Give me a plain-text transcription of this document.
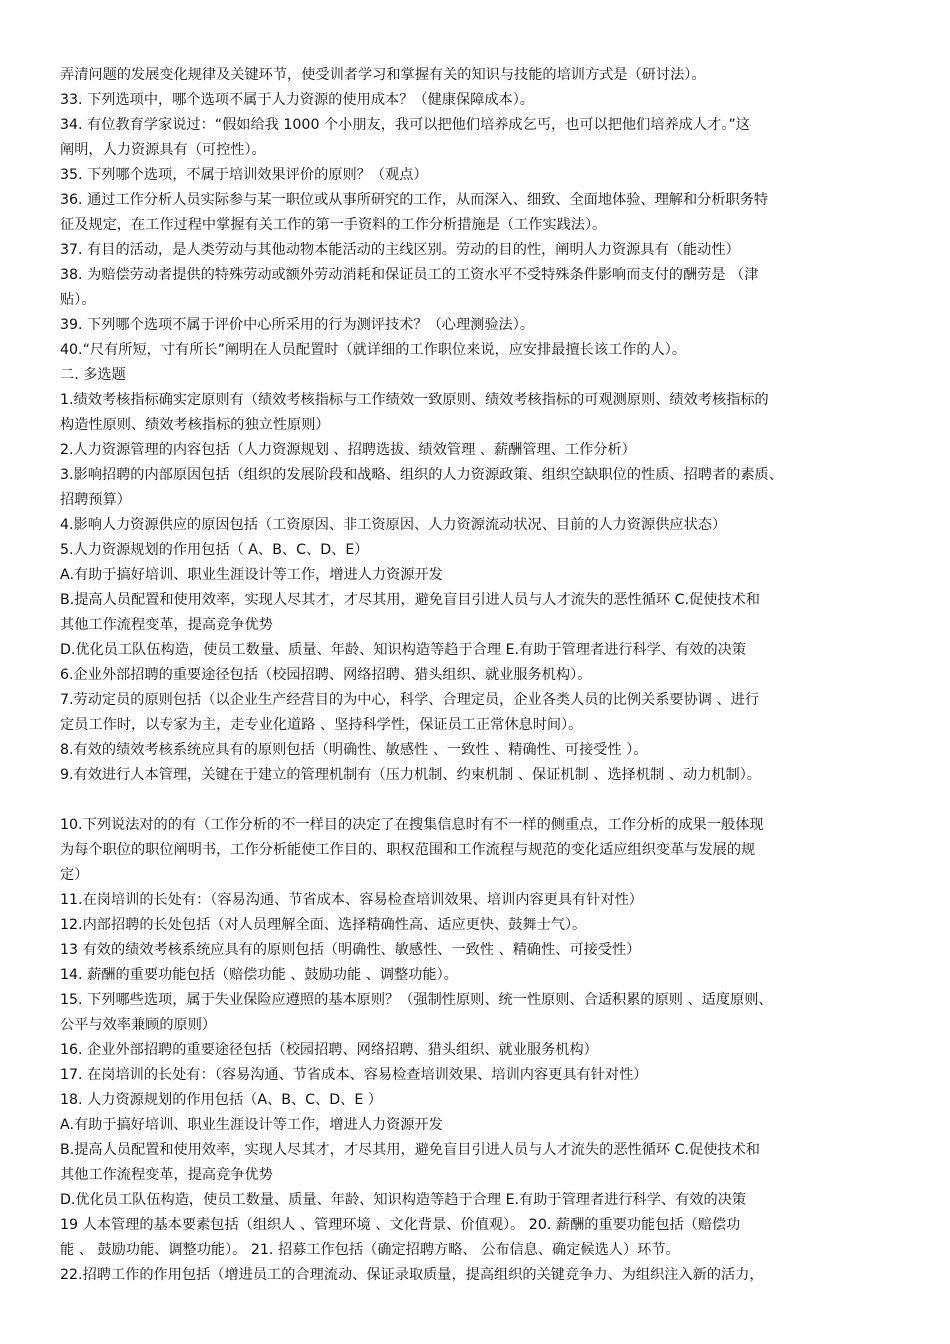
弄清问题的发展变化规律及关键环节，使受训者学习和掌握有关的知识与技能的培训方式是（研讨法）。
33. 下列选项中，哪个选项不属于人力资源的使用成本？（健康保障成本）。
34. 有位教育学家说过：“假如给我 1000 个小朋友，我可以把他们培养成乞丐，也可以把他们培养成人才。”这
阐明，人力资源具有（可控性）。
35. 下列哪个选项，不属于培训效果评价的原则？（观点）
36. 通过工作分析人员实际参与某一职位或从事所研究的工作，从而深入、细致、全面地体验、理解和分析职务特
征及规定，在工作过程中掌握有关工作的第一手资料的工作分析措施是（工作实践法）。
37. 有目的活动，是人类劳动与其他动物本能活动的主线区别。劳动的目的性，阐明人力资源具有（能动性）
38. 为赔偿劳动者提供的特殊劳动或额外劳动消耗和保证员工的工资水平不受特殊条件影响而支付的酬劳是 （津
贴）。
39. 下列哪个选项不属于评价中心所采用的行为测评技术？（心理测验法）。
40.“尺有所短，寸有所长”阐明在人员配置时（就详细的工作职位来说，应安排最擅长该工作的人）。
二. 多选题
1.绩效考核指标确实定原则有（绩效考核指标与工作绩效一致原则、绩效考核指标的可观测原则、绩效考核指标的
构造性原则、绩效考核指标的独立性原则）
2.人力资源管理的内容包括（人力资源规划 、招聘选拔、绩效管理 、薪酬管理、工作分析）
3.影响招聘的内部原因包括（组织的发展阶段和战略、组织的人力资源政策、组织空缺职位的性质、招聘者的素质、
招聘预算）
4.影响人力资源供应的原因包括（工资原因、非工资原因、人力资源流动状况、目前的人力资源供应状态）
5.人力资源规划的作用包括（ A、B、C、D、E）
A.有助于搞好培训、职业生涯设计等工作，增进人力资源开发
B.提高人员配置和使用效率，实现人尽其才，才尽其用，避免盲目引进人员与人才流失的恶性循环 C.促使技术和
其他工作流程变革，提高竞争优势
D.优化员工队伍构造，使员工数量、质量、年龄、知识构造等趋于合理 E.有助于管理者进行科学、有效的决策
6.企业外部招聘的重要途径包括（校园招聘、网络招聘、猎头组织、就业服务机构）。
7.劳动定员的原则包括（以企业生产经营目的为中心，科学、合理定员，企业各类人员的比例关系要协调 、进行
定员工作时，以专家为主，走专业化道路 、坚持科学性，保证员工正常休息时间）。
8.有效的绩效考核系统应具有的原则包括（明确性、敏感性 、一致性 、精确性、可接受性 ）。
9.有效进行人本管理，关键在于建立的管理机制有（压力机制、约束机制 、保证机制 、选择机制 、动力机制）。
10.下列说法对的的有（工作分析的不一样目的决定了在搜集信息时有不一样的侧重点，工作分析的成果一般体现
为每个职位的职位阐明书，工作分析能使工作目的、职权范围和工作流程与规范的变化适应组织变革与发展的规
定）
11.在岗培训的长处有：（容易沟通、节省成本、容易检查培训效果、培训内容更具有针对性）
12.内部招聘的长处包括（对人员理解全面、选择精确性高、适应更快、鼓舞士气）。
13 有效的绩效考核系统应具有的原则包括（明确性、敏感性、一致性 、精确性、可接受性）
14. 薪酬的重要功能包括（赔偿功能 、鼓励功能 、调整功能）。
15. 下列哪些选项，属于失业保险应遵照的基本原则？（强制性原则、统一性原则、合适积累的原则 、适度原则、
公平与效率兼顾的原则）
16. 企业外部招聘的重要途径包括（校园招聘、网络招聘、猎头组织、就业服务机构）
17. 在岗培训的长处有：（容易沟通、节省成本、容易检查培训效果、培训内容更具有针对性）
18. 人力资源规划的作用包括（A、B、C、D、E ）
A.有助于搞好培训、职业生涯设计等工作，增进人力资源开发
B.提高人员配置和使用效率，实现人尽其才，才尽其用，避免盲目引进人员与人才流失的恶性循环 C.促使技术和
其他工作流程变革，提高竞争优势
D.优化员工队伍构造，使员工数量、质量、年龄、知识构造等趋于合理 E.有助于管理者进行科学、有效的决策
19 人本管理的基本要素包括（组织人 、管理环境 、文化背景、价值观）。 20. 薪酬的重要功能包括（赔偿功
能 、 鼓励功能、调整功能）。 21. 招募工作包括（确定招聘方略、 公布信息、确定候选人）环节。
22.招聘工作的作用包括（增进员工的合理流动、保证录取质量，提高组织的关键竞争力、为组织注入新的活力，
